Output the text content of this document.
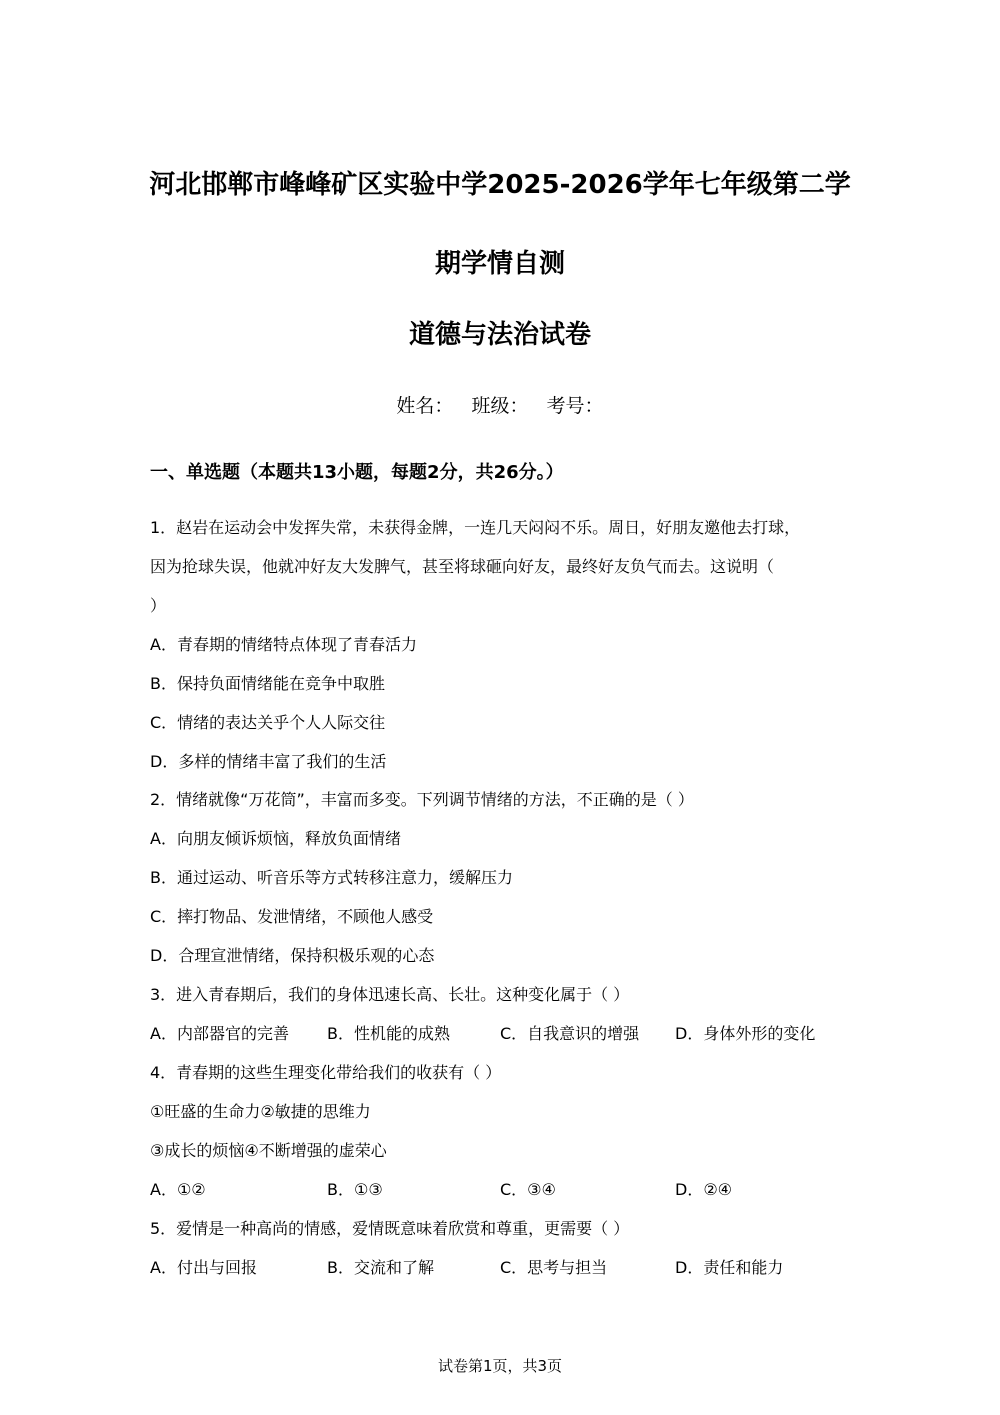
河北邯郸市峰峰矿区实验中学2025-2026学年七年级第二学
期学情自测
道德与法治试卷
姓名： 班级： 考号：
一、单选题（本题共13小题，每题2分，共26分。）
1．赵岩在运动会中发挥失常，未获得金牌，一连几天闷闷不乐。周日，好朋友邀他去打球，
因为抢球失误，他就冲好友大发脾气，甚至将球砸向好友，最终好友负气而去。这说明（
）
A．青春期的情绪特点体现了青春活力
B．保持负面情绪能在竞争中取胜
C．情绪的表达关乎个人人际交往
D．多样的情绪丰富了我们的生活
2．情绪就像“万花筒”，丰富而多变。下列调节情绪的方法，不正确的是（ ）
A．向朋友倾诉烦恼，释放负面情绪
B．通过运动、听音乐等方式转移注意力，缓解压力
C．摔打物品、发泄情绪，不顾他人感受
D．合理宣泄情绪，保持积极乐观的心态
3．进入青春期后，我们的身体迅速长高、长壮。这种变化属于（ ）
A．内部器官的完善 B．性机能的成熟	C．自我意识的增强 D．身体外形的变化
4．青春期的这些生理变化带给我们的收获有（ ）
①旺盛的生命力②敏捷的思维力
③成长的烦恼④不断增强的虚荣心
A．①②	B．①③	C．③④	D．②④
5．爱情是一种高尚的情感，爱情既意味着欣赏和尊重，更需要（ ）
A．付出与回报	B．交流和了解	C．思考与担当	D．责任和能力
试卷第1页，共3页
